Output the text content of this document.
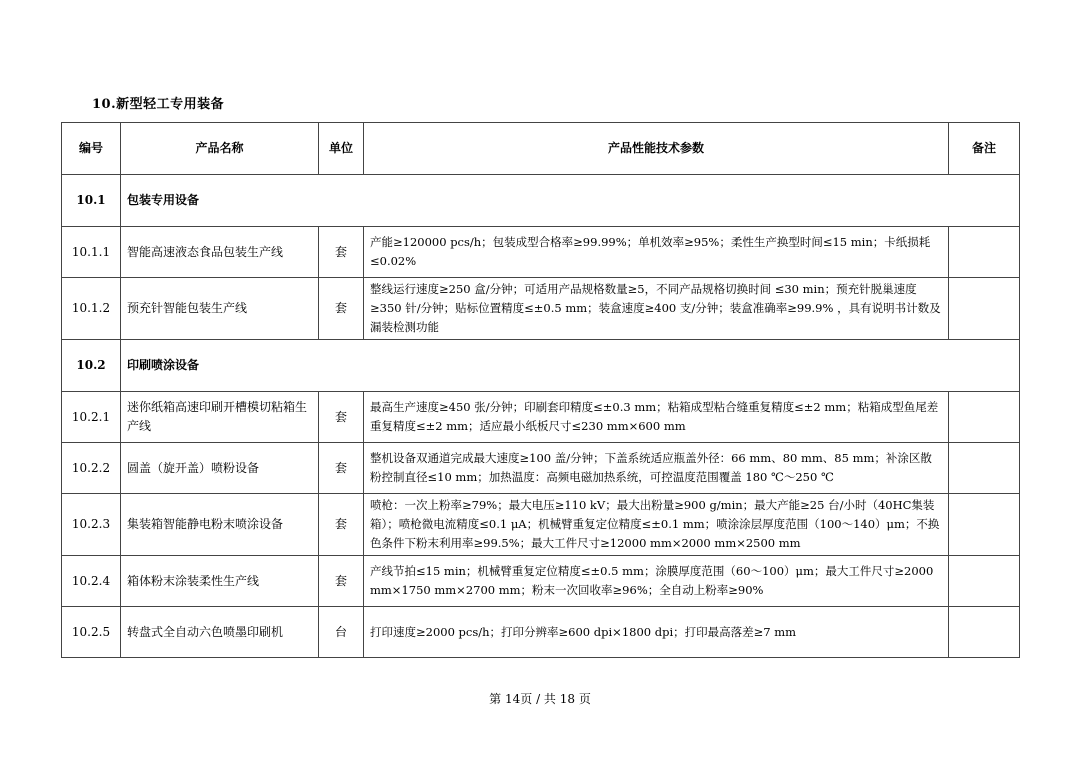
10.新型轻工专用装备
编号	产品名称	单位	产品性能技术参数	备注
10.1	包装专用设备			
10.1.1	智能高速液态食品包装生产线	套	产能≥120000 pcs/h；包装成型合格率≥99.99%；单机效率≥95%；柔性生产换型时间≤15 min；卡纸损耗≤0.02%	
10.1.2	预充针智能包装生产线	套	整线运行速度≥250 盒/分钟；可适用产品规格数量≥5，不同产品规格切换时间 ≤30 min；预充针脱巢速度≥350 针/分钟；贴标位置精度≤±0.5 mm；装盒速度≥400 支/分钟；装盒准确率≥99.9% ，具有说明书计数及漏装检测功能	
10.2	印刷喷涂设备			
10.2.1	迷你纸箱高速印刷开槽模切粘箱生产线	套	最高生产速度≥450 张/分钟；印刷套印精度≤±0.3 mm；粘箱成型粘合缝重复精度≤±2 mm；粘箱成型鱼尾差重复精度≤±2 mm；适应最小纸板尺寸≤230 mm×600 mm	
10.2.2	圆盖（旋开盖）喷粉设备	套	整机设备双通道完成最大速度≥100 盖/分钟；下盖系统适应瓶盖外径：66 mm、80 mm、85 mm；补涂区散粉控制直径≤10 mm；加热温度：高频电磁加热系统，可控温度范围覆盖 180 ℃～250 ℃	
10.2.3	集装箱智能静电粉末喷涂设备	套	喷枪：一次上粉率≥79%；最大电压≥110 kV；最大出粉量≥900 g/min；最大产能≥25 台/小时（40HC集装箱）；喷枪微电流精度≤0.1 μA；机械臂重复定位精度≤±0.1 mm；喷涂涂层厚度范围（100～140）μm；不换色条件下粉末利用率≥99.5%；最大工件尺寸≥12000 mm×2000 mm×2500 mm	
10.2.4	箱体粉末涂装柔性生产线	套	产线节拍≤15 min；机械臂重复定位精度≤±0.5 mm；涂膜厚度范围（60～100）μm；最大工件尺寸≥2000 mm×1750 mm×2700 mm；粉末一次回收率≥96%；全自动上粉率≥90%	
10.2.5	转盘式全自动六色喷墨印刷机	台	打印速度≥2000 pcs/h；打印分辨率≥600 dpi×1800 dpi；打印最高落差≥7 mm	
第 14页 / 共 18 页
